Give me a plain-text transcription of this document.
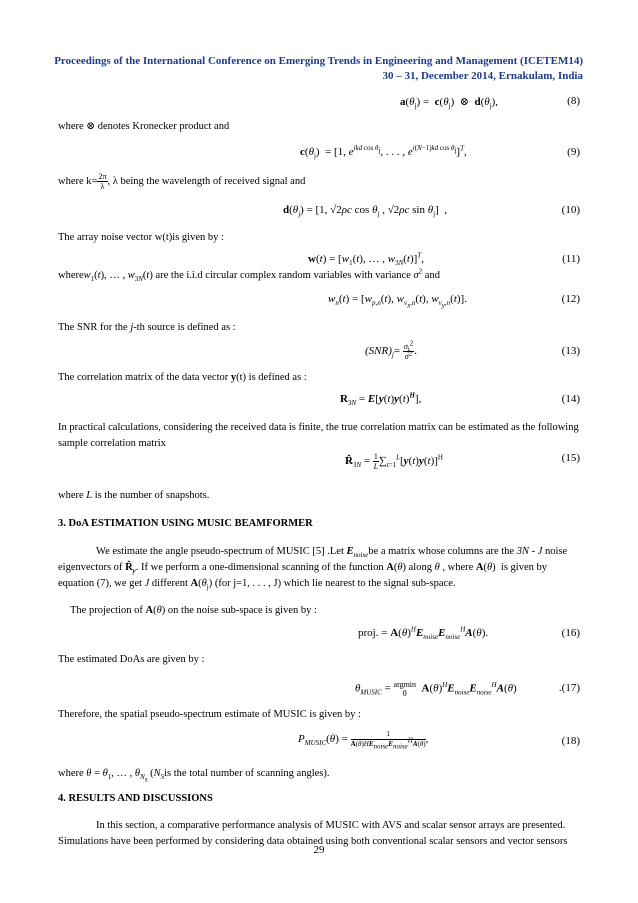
Proceedings of the International Conference on Emerging Trends in Engineering and Management (ICETEM14)
30 – 31, December 2014, Ernakulam, India
$a(\theta_j) = c(\theta_j)$  ⊗  $d(\theta_j)$,	(8)
where ⊗ denotes Kronecker product and
$c(\theta_j) = [1$, $e^{ikd cos \theta_j}$, . . . , $e^{i(N-1)kd cos \theta_j}]^T$,	(9)
where $k= \frac{2\pi}{\lambda}$ , λ being the wavelength of received signal and
$d(\theta_j) = [1$, √2ρc $\cos \theta_j$ , √2ρc $\sin \theta_j$]  ,	(10)
The array noise vector w(t)is given by :
$w(t) = [w_1(t)$, … , $w_{3N}(t)]^T$,	(11)
wherew$_1$(t), … , $w_{3N}(t)$ are the i.i.d circular complex random variables with variance $\sigma^2$ and
$w_n(t) = [w_{p,n}(t)$, $w_{v_x,n}(t)$, $w_{v_y,n}(t)$].	(12)
The SNR for the j-th source is defined as :
$(SNR)_j= \frac{\sigma_j^2}{\sigma^2}$ .	(13)
The correlation matrix of the data vector y(t) is defined as :
$R_{3N} = E[y(t)y(t)^H]$,	(14)
In practical calculations, considering the received data is finite, the true correlation matrix can be estimated as the following sample correlation matrix
$R̂_{3N} = \frac{1}{L} \sum_{t=1}^L[y(t)y(t)]^H$	(15)
where L is the number of snapshots.
3. DoA ESTIMATION USING MUSIC BEAMFORMER
We estimate the angle pseudo-spectrum of MUSIC [5] .Let $E_{noise}be$ a matrix whose columns are the 3N - J noise eigenvectors of $R̂_y$. If we perform a one-dimensional scanning of the function A(θ) along θ , where A(θ)  is given by equation (7), we get J different $A(\theta_j)$ (for j=1, . . . , J) which lie nearest to the signal sub-space.
The projection of A(θ) on the noise sub-space is given by :
proj. = $A(\theta)^HE_{noise}E_{noise}^HA(\theta)$.	(16)
The estimated DoAs are given by :
$\theta_{MUSIC} = argmin$
θ $A(\theta)^HE_{noise}E_{noise}^HA(\theta)$	.(17)
Therefore, the spatial pseudo-spectrum estimate of MUSIC is given by :
$P_{MUSIC}(\theta) = \frac{1}{A(\theta)HE_{noise}E_{noise}^HA(\theta)}$ ,	(18)
where $\theta = \theta_1$, … , $\theta_{N_s}$ ($N_Sis$ the total number of scanning angles).
4. RESULTS AND DISCUSSIONS
In this section, a comparative performance analysis of MUSIC with AVS and scalar sensor arrays are presented. Simulations have been performed by considering data obtained using both conventional scalar sensors and vector sensors
29
